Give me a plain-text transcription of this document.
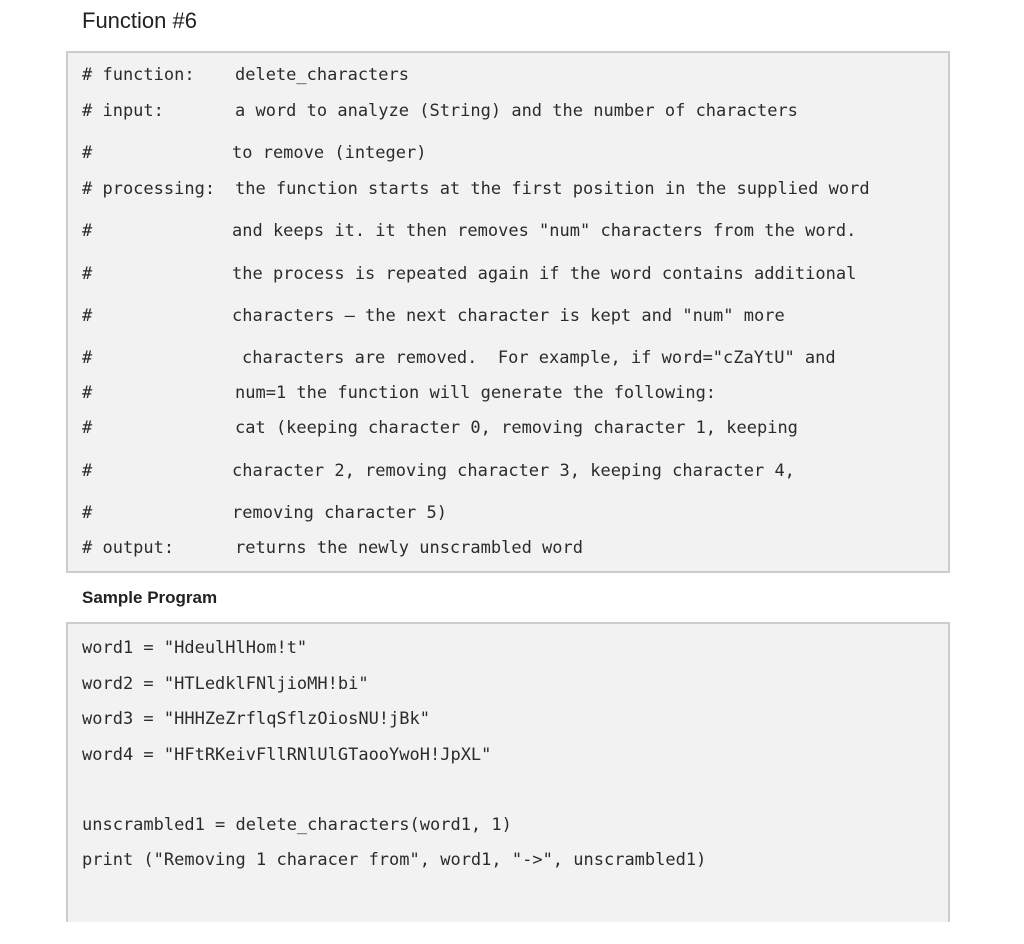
Function #6

# function:

delete_characters

# input:

	a word to analyze (String) and the number of characters

#

	to remove (integer)

# processing:

the function starts at the first position in the supplied word

#

	and keeps it. it then removes "num" characters from the word.

#

	the process is repeated again if the word contains additional

#

	characters – the next character is kept and "num" more

#

	characters are removed.  For example, if word="cZaYtU" and

#

	num=1 the function will generate the following:

#

	cat (keeping character 0, removing character 1, keeping

#

	character 2, removing character 3, keeping character 4,

#

	removing character 5)

# output:

	returns the newly unscrambled word

Sample Program
word1 = "HdeulHlHom!t"
word2 = "HTLedklFNljioMH!bi"
word3 = "HHHZeZrflqSflzOiosNU!jBk"
word4 = "HFtRKeivFllRNlUlGTaooYwoH!JpXL"
unscrambled1 = delete_characters(word1, 1)
print ("Removing 1 characer from", word1, "->", unscrambled1)
